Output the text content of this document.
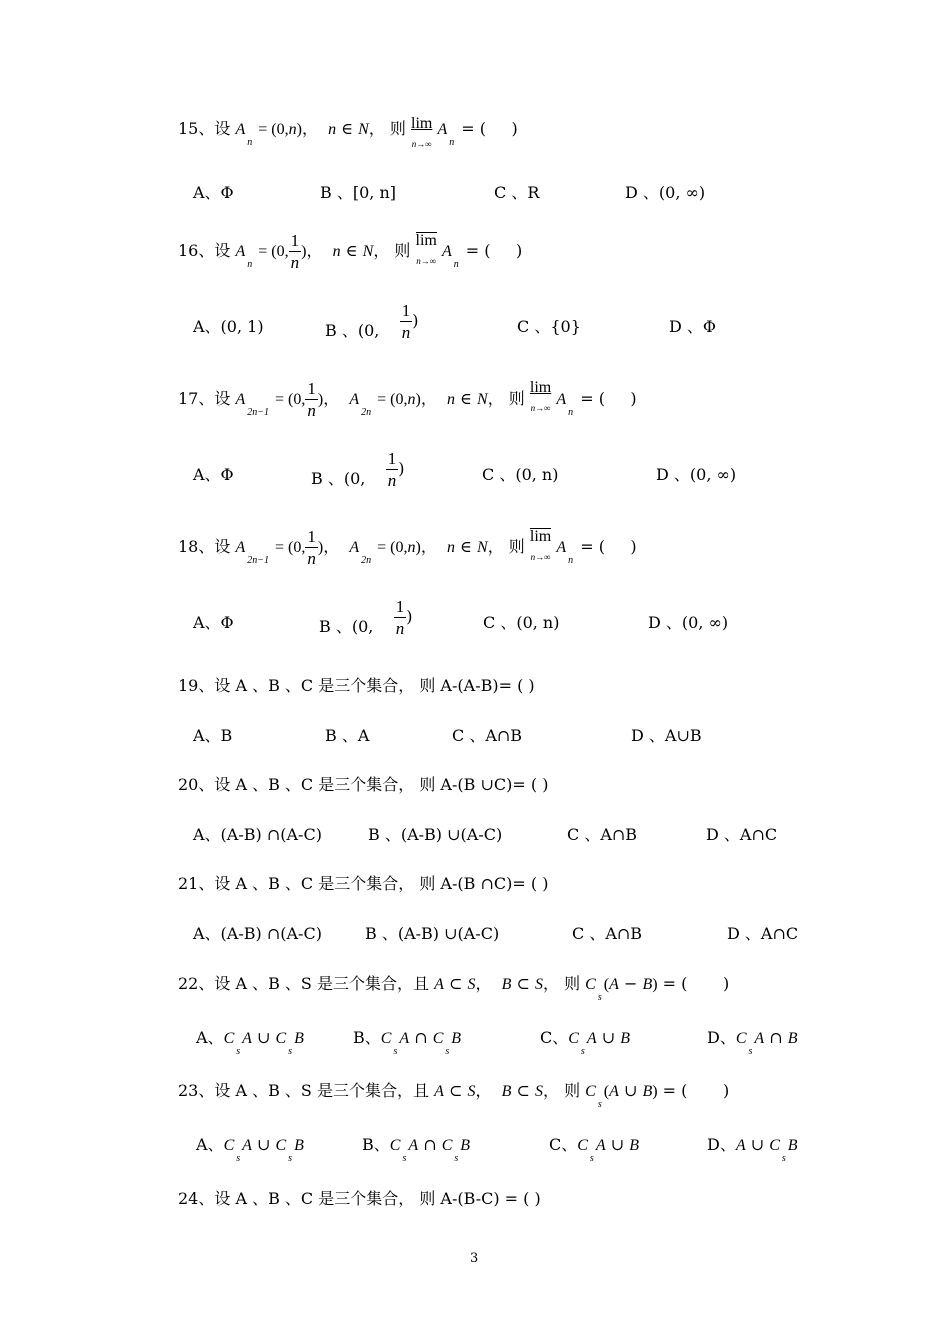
15、设 $A_n = (0,n)$，  n ∈ N， 则 lim
n→∞
$A_n$ = (     )
A、Φ	B 、[0, n]	C 、R	D 、(0, ∞)
16、设 $A_n = (0$, $\frac{1}{n}$ )，  n ∈ N， 则
lim
n→∞
$A_n$ = (     )
A、(0, 1)	B 、(0, $\frac{1}{n}$ )	C 、{0}	D 、Φ
17、设 $A_{2n-1} = (0$, $\frac{1}{n}$ )，  $A_{2n} = (0,n)$，  n ∈ N， 则
lim
n→∞ $A_n$ = (     )
A、Φ	B 、(0, $\frac{1}{n}$ )	C 、(0, n)	D 、(0, ∞)
18、设 $A_{2n-1} = (0$, $\frac{1}{n}$ )，  $A_{2n} = (0,n)$，  n ∈ N， 则
lim
n→∞
$A_n$ = (     )
A、Φ	B 、(0, $\frac{1}{n}$ )	C 、(0, n)	D 、(0, ∞)
19、设 A 、B 、C 是三个集合， 则 A-(A-B)= ( )
A、B	B 、A	C 、A∩B	D 、A∪B
20、设 A 、B 、C 是三个集合， 则 A-(B ∪C)= ( )
A、(A-B) ∩(A-C)	B 、(A-B) ∪(A-C)	C 、A∩B	D 、A∩C
21、设 A 、B 、C 是三个集合， 则 A-(B ∩C)= ( )
A、(A-B) ∩(A-C)	B 、(A-B) ∪(A-C)	C 、A∩B	D 、A∩C
22、设 A 、B 、S 是三个集合，且 A ⊂ S，  B ⊂ S， 则 $C_s(A - B)$ = (       )
A、$C_sA$ ∪ $C_sB$	B、$C_sA$ ∩ $C_sB$	C、$C_sA$ ∪ B	D、$C_sA$ ∩ B
23、设 A 、B 、S 是三个集合，且 A ⊂ S，  B ⊂ S， 则 $C_s(A$ ∪ B) = (       )
A、$C_sA$ ∪ $C_sB$	B、$C_sA$ ∩ $C_sB$	C、$C_sA$ ∪ B	D、A ∪ $C_sB$
24、设 A 、B 、C 是三个集合， 则 A-(B-C) = ( )
3
